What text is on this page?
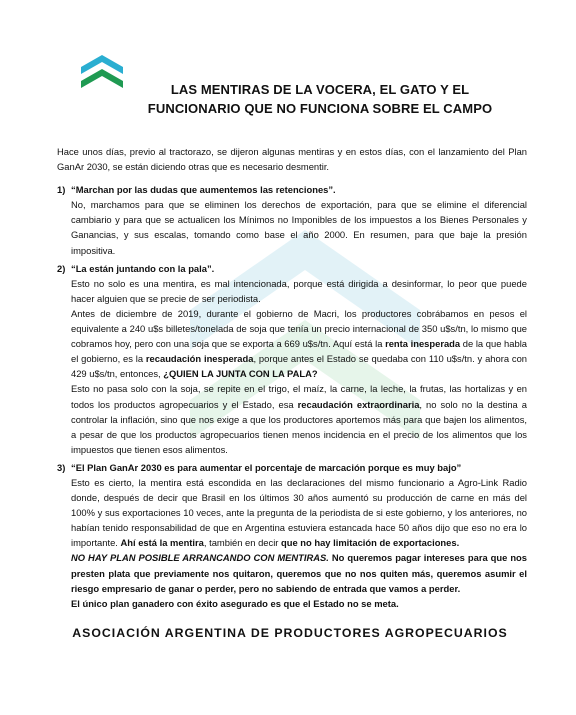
LAS MENTIRAS DE LA VOCERA, EL GATO Y EL
FUNCIONARIO QUE NO FUNCIONA SOBRE EL CAMPO
Hace unos días, previo al tractorazo, se dijeron algunas mentiras y en estos días, con el lanzamiento del Plan GanAr 2030, se están diciendo otras que es necesario desmentir.
1) “Marchan por las dudas que aumentemos las retenciones”.
No, marchamos para que se eliminen los derechos de exportación, para que se elimine el diferencial cambiario y para que se actualicen los Mínimos no Imponibles de los impuestos a los Bienes Personales y Ganancias, y sus escalas, tomando como base el año 2000. En resumen, para que baje la presión impositiva.
2) “La están juntando con la pala”.
Esto no solo es una mentira, es mal intencionada, porque está dirigida a desinformar, lo peor que puede hacer alguien que se precie de ser periodista.
Antes de diciembre de 2019, durante el gobierno de Macri, los productores cobrábamos en pesos el equivalente a 240 u$s billetes/tonelada de soja que tenía un precio internacional de 350 u$s/tn, lo mismo que cobramos hoy, pero con una soja que se exporta a 669 u$s/tn. Aquí está la renta inesperada de la que habla el gobierno, es la recaudación inesperada, porque antes el Estado se quedaba con 110 u$s/tn. y ahora con 429 u$s/tn, entonces, ¿QUIEN LA JUNTA CON LA PALA?
Esto no pasa solo con la soja, se repite en el trigo, el maíz, la carne, la leche, la frutas, las hortalizas y en todos los productos agropecuarios y el Estado, esa recaudación extraordinaria, no solo no la destina a controlar la inflación, sino que nos exige a que los productores aportemos más para que bajen los alimentos, a pesar de que los productos agropecuarios tienen menos incidencia en el precio de los alimentos que los impuestos que tienen esos alimentos.
3) “El Plan GanAr 2030 es para aumentar el porcentaje de marcación porque es muy bajo”
Esto es cierto, la mentira está escondida en las declaraciones del mismo funcionario a Agro-Link Radio donde, después de decir que Brasil en los últimos 30 años aumentó su producción de carne en más del 100% y sus exportaciones 10 veces, ante la pregunta de la periodista de si este gobierno, y los anteriores, no habían tenido responsabilidad de que en Argentina estuviera estancada hace 50 años dijo que eso no era lo importante. Ahí está la mentira, también en decir que no hay limitación de exportaciones.
NO HAY PLAN POSIBLE ARRANCANDO CON MENTIRAS. No queremos pagar intereses para que nos presten plata que previamente nos quitaron, queremos que no nos quiten más, queremos asumir el riesgo empresario de ganar o perder, pero no sabiendo de entrada que vamos a perder.
El único plan ganadero con éxito asegurado es que el Estado no se meta.
ASOCIACIÓN ARGENTINA DE PRODUCTORES AGROPECUARIOS
